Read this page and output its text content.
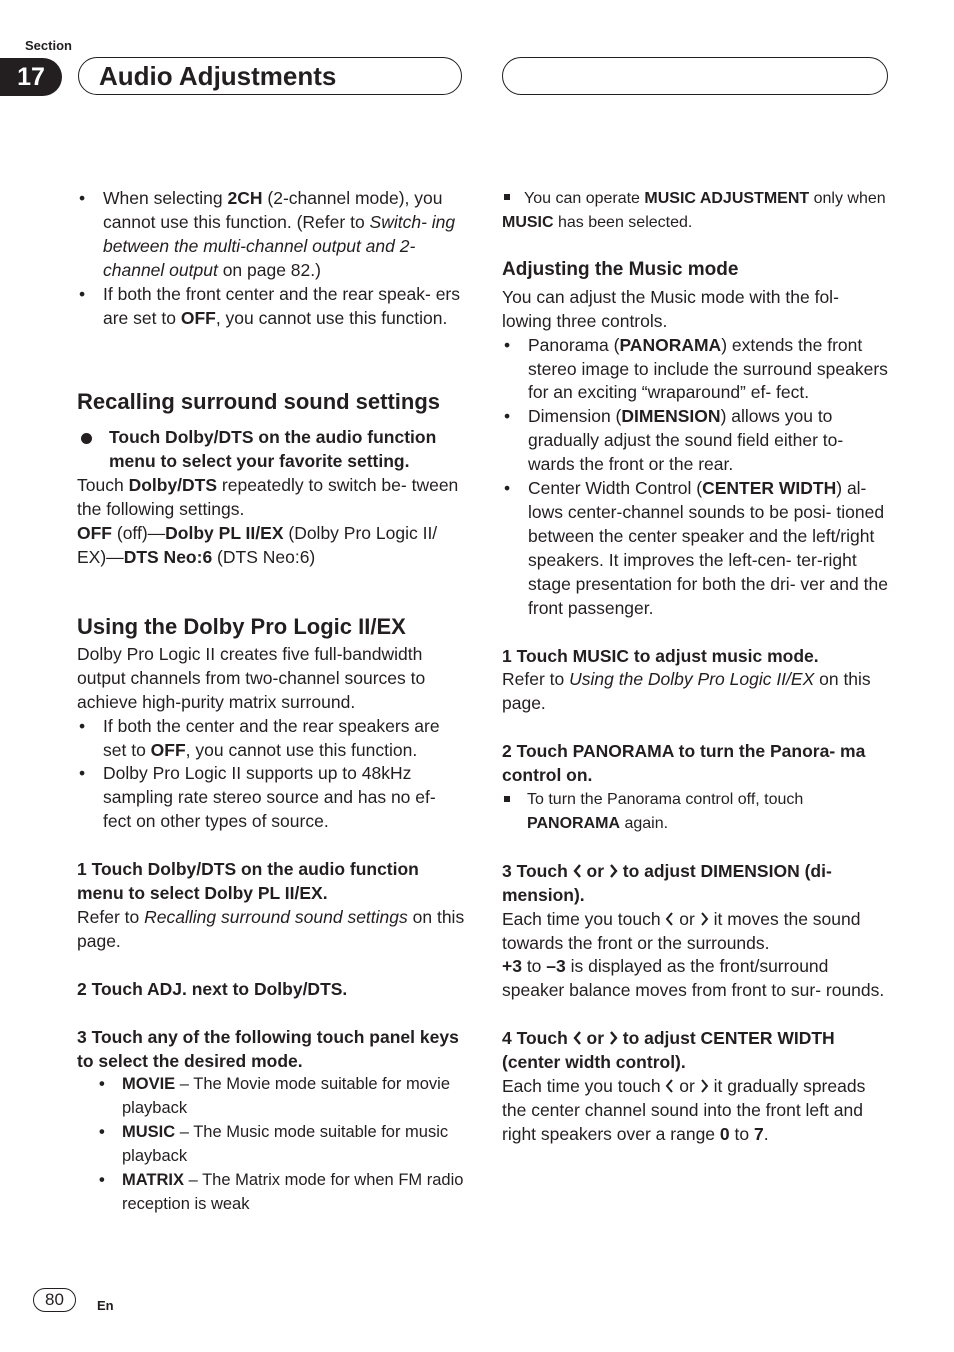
Section
17	Audio Adjustments

• When selecting 2CH (2-channel mode), you cannot use this function. (Refer to Switch- ing between the multi-channel output and 2-channel output on page 82.)

• If both the front center and the rear speak- ers are set to OFF, you cannot use this function.

Recalling surround sound settings

Touch Dolby/DTS on the audio function menu to select your favorite setting.

Touch Dolby/DTS repeatedly to switch be- tween the following settings.

OFF (off)—Dolby PL II/EX (Dolby Pro Logic II/ EX)—DTS Neo:6 (DTS Neo:6)

Using the Dolby Pro Logic II/EX

Dolby Pro Logic II creates five full-bandwidth output channels from two-channel sources to achieve high-purity matrix surround.

• If both the center and the rear speakers are set to OFF, you cannot use this function.

• Dolby Pro Logic II supports up to 48kHz sampling rate stereo source and has no ef- fect on other types of source.

1 Touch Dolby/DTS on the audio function menu to select Dolby PL II/EX.

Refer to Recalling surround sound settings on this page.

2 Touch ADJ. next to Dolby/DTS.

3 Touch any of the following touch panel keys to select the desired mode.

• MOVIE – The Movie mode suitable for movie playback

• MUSIC – The Music mode suitable for music playback

• MATRIX – The Matrix mode for when FM radio reception is weak

You can operate MUSIC ADJUSTMENT only when MUSIC has been selected.

Adjusting the Music mode

You can adjust the Music mode with the fol- lowing three controls.

• Panorama (PANORAMA) extends the front stereo image to include the surround speakers for an exciting “wraparound” ef- fect.

• Dimension (DIMENSION) allows you to gradually adjust the sound field either to- wards the front or the rear.

• Center Width Control (CENTER WIDTH) al- lows center-channel sounds to be posi- tioned between the center speaker and the left/right speakers. It improves the left-cen- ter-right stage presentation for both the dri- ver and the front passenger.

1 Touch MUSIC to adjust music mode.

Refer to Using the Dolby Pro Logic II/EX on this page.

2 Touch PANORAMA to turn the Panora- ma control on.

To turn the Panorama control off, touch PANORAMA again.

3 Touch  or  to adjust DIMENSION (di- mension).

Each time you touch  or  it moves the sound towards the front or the surrounds.

+3 to –3 is displayed as the front/surround speaker balance moves from front to sur- rounds.

4 Touch  or  to adjust CENTER WIDTH (center width control).

Each time you touch  or  it gradually spreads the center channel sound into the front left and right speakers over a range 0 to 7.

80	En
